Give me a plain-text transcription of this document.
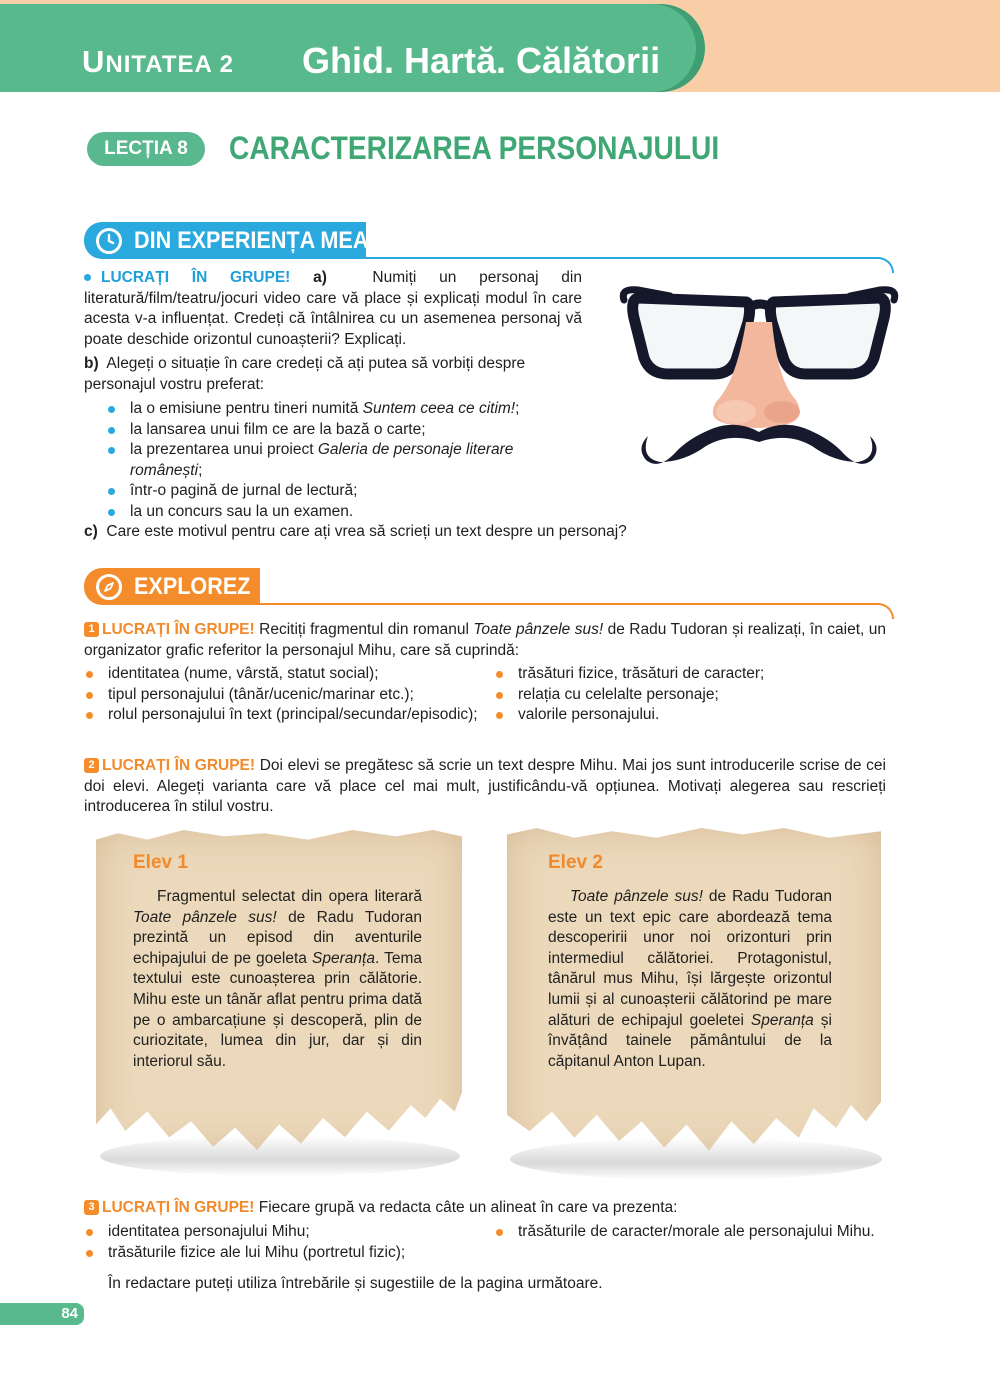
UNITATEA 2 Ghid. Hartă. Călătorii
LECȚIA 8	CARACTERIZAREA PERSONAJULUI
DIN EXPERIENȚA MEA

LUCRAȚI ÎN GRUPE! a)	Numiți un personaj din literatură/film/teatru/jocuri video care vă place și explicați modul în care acesta v-a influențat. Credeți că întâlnirea cu un asemenea personaj vă poate deschide orizontul cunoașterii? Explicați.

b) Alegeți o situație în care credeți că ați putea să vorbiți despre personajul vostru preferat:

la o emisiune pentru tineri numită Suntem ceea ce citim!;
la lansarea unui film ce are la bază o carte;
la prezentarea unui proiect Galeria de personaje literare românești;
într-o pagină de jurnal de lectură;
la un concurs sau la un examen.

c) Care este motivul pentru care ați vrea să scrieți un text despre un personaj?

EXPLOREZ
1 LUCRAȚI ÎN GRUPE! Recitiți fragmentul din romanul Toate pânzele sus! de Radu Tudoran și realizați, în caiet, un organizator grafic referitor la personajul Mihu, care să cuprindă:
identitatea (nume, vârstă, statut social);
tipul personajului (tânăr/ucenic/marinar etc.);
rolul personajului în text (principal/secundar/episodic);
trăsături fizice, trăsături de caracter;
relația cu celelalte personaje;
valorile personajului.
2 LUCRAȚI ÎN GRUPE! Doi elevi se pregătesc să scrie un text despre Mihu. Mai jos sunt introducerile scrise de cei doi elevi. Alegeți varianta care vă place cel mai mult, justificându-vă opțiunea. Motivați alegerea sau rescrieți introducerea în stilul vostru.
Elev 1
Fragmentul selectat din opera literară Toate pânzele sus! de Radu Tudoran prezintă un episod din aventurile echipajului de pe goeleta Speranța. Tema textului este cunoașterea prin călătorie. Mihu este un tânăr aflat pentru prima dată pe o ambarcațiune și descoperă, plin de curiozitate, lumea din jur, dar și din interiorul său.
Elev 2
Toate pânzele sus! de Radu Tudoran este un text epic care abordează tema descoperirii unor noi orizonturi prin intermediul călătoriei. Protagonistul, tânărul mus Mihu, își lărgește orizontul lumii și al cunoașterii călătorind pe mare alături de echipajul goeletei Speranța și învățând tainele pământului de la căpitanul Anton Lupan.
3 LUCRAȚI ÎN GRUPE! Fiecare grupă va redacta câte un alineat în care va prezenta:
identitatea personajului Mihu;
trăsăturile fizice ale lui Mihu (portretul fizic);
trăsăturile de caracter/morale ale personajului Mihu.
În redactare puteți utiliza întrebările și sugestiile de la pagina următoare.
84
